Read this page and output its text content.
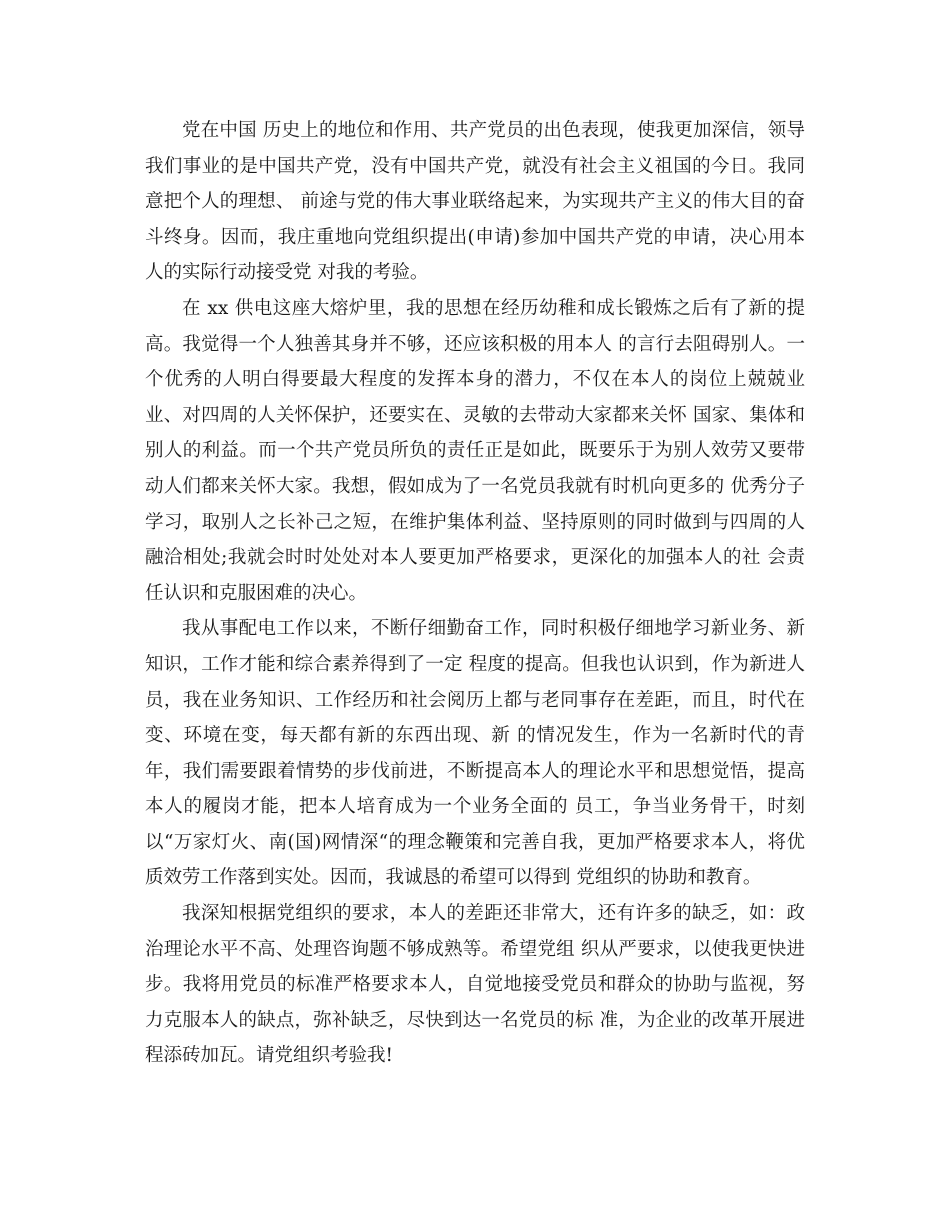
党在中国 历史上的地位和作用、共产党员的出色表现，使我更加深信，领导
我们事业的是中国共产党，没有中国共产党，就没有社会主义祖国的今日。我同
意把个人的理想、 前途与党的伟大事业联络起来，为实现共产主义的伟大目的奋
斗终身。因而，我庄重地向党组织提出(申请)参加中国共产党的申请，决心用本
人的实际行动接受党 对我的考验。

在 xx 供电这座大熔炉里，我的思想在经历幼稚和成长锻炼之后有了新的提
高。我觉得一个人独善其身并不够，还应该积极的用本人 的言行去阻碍别人。一
个优秀的人明白得要最大程度的发挥本身的潜力，不仅在本人的岗位上兢兢业
业、对四周的人关怀保护，还要实在、灵敏的去带动大家都来关怀 国家、集体和
别人的利益。而一个共产党员所负的责任正是如此，既要乐于为别人效劳又要带
动人们都来关怀大家。我想，假如成为了一名党员我就有时机向更多的 优秀分子
学习，取别人之长补己之短，在维护集体利益、坚持原则的同时做到与四周的人
融洽相处;我就会时时处处对本人要更加严格要求，更深化的加强本人的社 会责
任认识和克服困难的决心。

我从事配电工作以来，不断仔细勤奋工作，同时积极仔细地学习新业务、新
知识，工作才能和综合素养得到了一定 程度的提高。但我也认识到，作为新进人
员，我在业务知识、工作经历和社会阅历上都与老同事存在差距，而且，时代在
变、环境在变，每天都有新的东西出现、新 的情况发生，作为一名新时代的青
年，我们需要跟着情势的步伐前进，不断提高本人的理论水平和思想觉悟，提高
本人的履岗才能，把本人培育成为一个业务全面的 员工，争当业务骨干，时刻
以“万家灯火、南(国)网情深“的理念鞭策和完善自我，更加严格要求本人，将优
质效劳工作落到实处。因而，我诚恳的希望可以得到 党组织的协助和教育。

我深知根据党组织的要求，本人的差距还非常大，还有许多的缺乏，如：政
治理论水平不高、处理咨询题不够成熟等。希望党组 织从严要求，以使我更快进
步。我将用党员的标准严格要求本人，自觉地接受党员和群众的协助与监视，努
力克服本人的缺点，弥补缺乏，尽快到达一名党员的标 准，为企业的改革开展进
程添砖加瓦。请党组织考验我!
